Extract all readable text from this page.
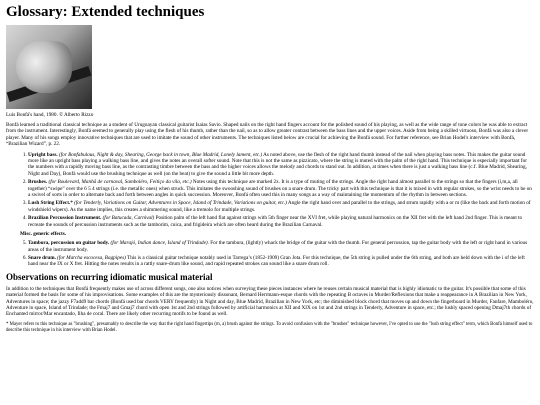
Glossary: Extended techniques
Luis Bonfá's hand, 1980. © Alberto Rizzo

Bonfá learned a traditional classical technique as a student of Uruguayan classical guitarist Isaías Savio. Shaped nails on the right hand fingers account for the polished sound of his playing, as well as the wide range of tone colors he was able to extract from the instrument. Interestingly, Bonfá seemed to generally play using the flesh of his thumb, rather than the nail, so as to allow greater contrast between the bass lines and the upper voices. Aside from being a skilled virtuoso, Bonfá was also a clever player. Many of his songs employ innovative techniques that are used to imitate the sound of other instruments. The techniques listed below are crucial for achieving the Bonfá sound. For further reference, see Brian Hodel's interview with Bonfá, “Brazilian Wizard”, p. 22.

1. Upright bass. (for Bonfabulous, Night & day, Shearing, George back in town, Blue Madrid, Lonely lament, etc.) As noted above, use the flesh of the right hand thumb instead of the nail when playing bass notes. This makes the guitar sound more like an upright bass playing a walking bass line, and gives the notes an overall softer sound. Note that this is not the same as pizzicato, where the string is muted with the palm of the right hand. This technique is especially important for the numbers with a rapidly moving bass line, as the contrasting timbre between the bass and the higher voices allows the melody and chords to stand out. In addition, at times when there is just a walking bass line (c.f. Blue Madrid, Shearing, Night and Day), Bonfá would use the brushing technique as well (on the beat) to give the sound a little bit more depth.
2. Brushes. (for Boulevard, Manhã de carnaval, Samboléro, Feitiço da vila, etc.) Notes using this technique are marked 2x. It is a type of muting of the strings. Angle the right hand almost parallel to the strings so that the fingers (i,m,a, all together) “swipe” over the 6 5 4 strings (i.e. the metallic ones) when struck. This imitates the swooshing sound of brushes on a snare drum. The tricky part with this technique is that it is mixed in with regular strokes, so the wrist needs to be on a swivel of sorts in order to alternate back and forth between angles in quick succession. Moreover, Bonfá often used this in many songs as a way of maintaining the momentum of the rhythm in between sections.
3. Lush String Effect.* (for Tenderly, Variations on Guitar, Adventures in Space, Island of Trindade, Variations on guitar, etc.) Angle the right hand over and parallel to the strings, and strum rapidly with a or m (like the back and forth motion of windshield wipers). As the name implies, this creates a shimmering sound, like a tremolo for multiple strings.
4. Brazilian Percussion Instrument. (for Batucada, Carnival) Position palm of the left hand flat against strings with 5th finger near the XVI fret, while playing natural harmonics on the XII fret with the left hand 2nd finger. This is meant to recreate the sounds of percussion instruments such as the tamborim, cuica, and frigideira which are often heard during the Brazilian Carnaval.
Misc. generic effects.
5. Tambora, percussion on guitar body. (for Marajó, Indian dance, Island of Trindade). For the tambura, (lightly) whack the bridge of the guitar with the thumb. For general percussion, tap the guitar body with the left or right hand in various areas of the instrument body.
6. Snare drum. (for Marcha escocesa, Bagpipes) This is a classical guitar technique notably used in Tarrega’s (1852-1909) Gran Jota. For this technique, the 5th string is pulled under the 6th string, and both are held down with the i of the left hand near the IX or X fret. Hitting the notes results in a rattly snare-drum like sound, and rapid repeated strokes can sound like a snare drum roll.
Observations on recurring idiomatic musical material

In addition to the techniques that Bonfá frequently makes use of across different songs, one also notices when surveying these pieces instances where he reuses certain musical material that is highly idiomatic to the guitar. It's possible that some of this material formed the basis for some of his improvisations. Some examples of this are the mysteriously dissonant, Bernard Herrmann-esque chords with the repeating B octaves in Murder/Reflexions that make a reappearance in A Brazilian in New York, Adventures in space; the jazzy F7add9 bar chords (Bonfá used bar chords VERY frequently) in Night and day, Blue Madrid, Brazilian in New York, etc; the diminished block chord that moves up and down the fingerboard in Murder, Fanfare, Mamboléro, Adventure in space, Island of Trindade; the Fmaj7 and Gmaj7 chord with open 1st and 2nd strings followed by artificial harmonics at XII and XIX on 1st and 2nd strings in Tenderly, Adventure in space, etc.; the lushly spaced opening Dmaj7th chords of Enchanted mirror/Mar encantado, Ilha de coral. There are likely other recurring motifs to be found as well.

* Mayer refers to this technique as "brushing", presumably to describe the way that the right hand fingertips (m, a) brush against the strings. To avoid confusion with the "brushes" technique however, I've opted to use the "lush string effect" term, which Bonfá himself used to describe this technique in his interview with Brian Hodel.
